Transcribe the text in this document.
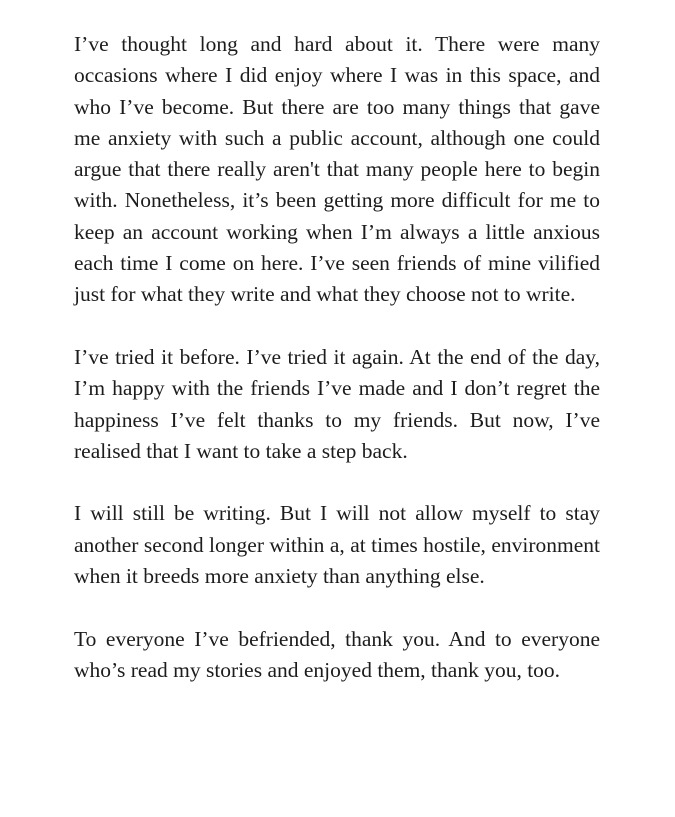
I’ve thought long and hard about it. There were many occasions where I did enjoy where I was in this space, and who I’ve become. But there are too many things that gave me anxiety with such a public account, although one could argue that there really aren't that many people here to begin with. Nonetheless, it’s been getting more difficult for me to keep an account working when I’m always a little anxious each time I come on here. I’ve seen friends of mine vilified just for what they write and what they choose not to write.

I’ve tried it before. I’ve tried it again. At the end of the day, I’m happy with the friends I’ve made and I don’t regret the happiness I’ve felt thanks to my friends. But now, I’ve realised that I want to take a step back.

I will still be writing. But I will not allow myself to stay another second longer within a, at times hostile, environment when it breeds more anxiety than anything else.

To everyone I’ve befriended, thank you. And to everyone who’s read my stories and enjoyed them, thank you, too.
